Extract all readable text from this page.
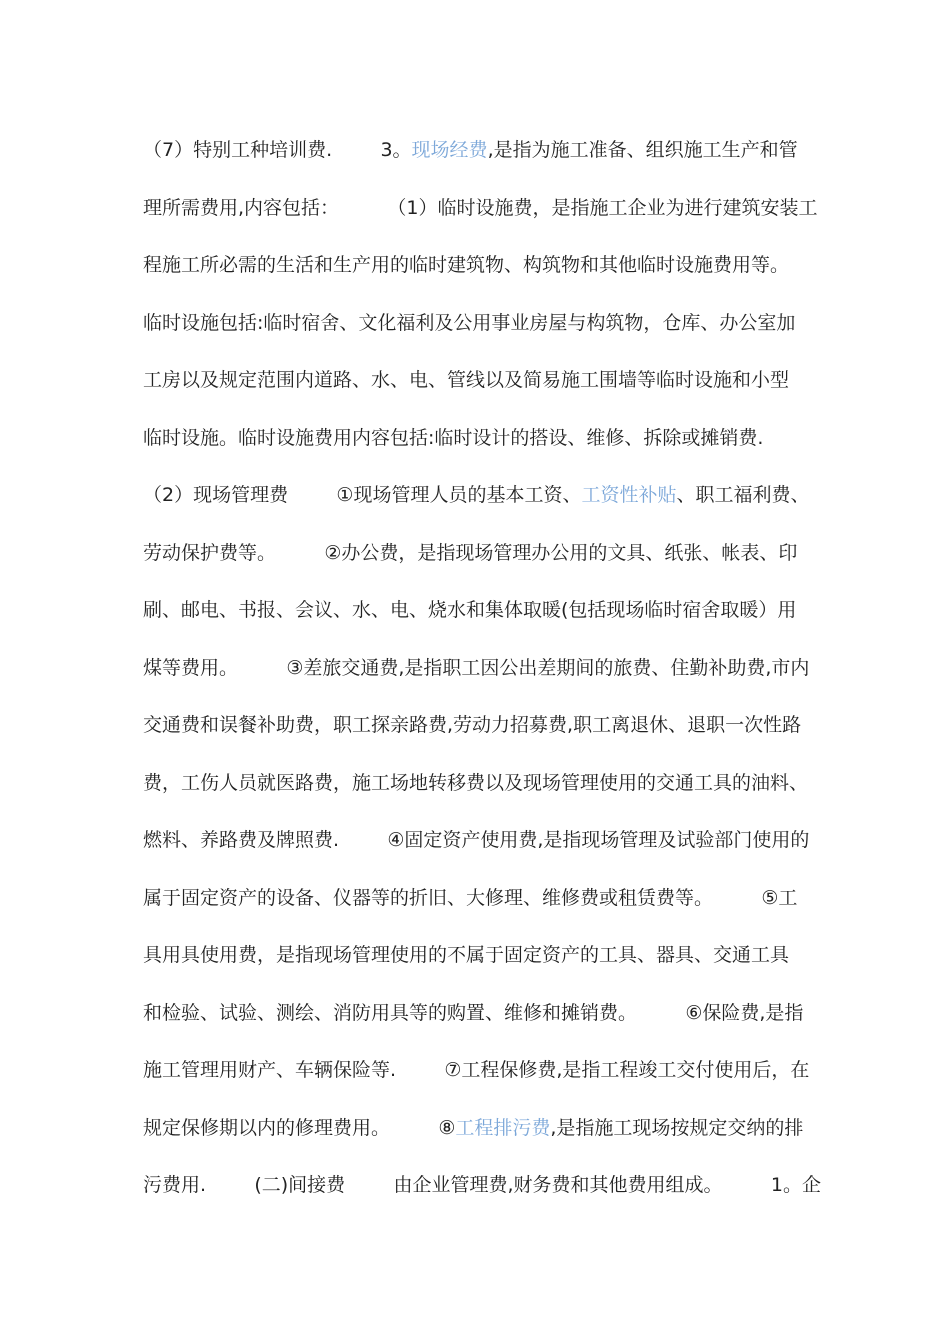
（7）特别工种培训费.        3。现场经费,是指为施工准备、组织施工生产和管
理所需费用,内容包括：        （1）临时设施费，是指施工企业为进行建筑安装工
程施工所必需的生活和生产用的临时建筑物、构筑物和其他临时设施费用等。
临时设施包括:临时宿舍、文化福利及公用事业房屋与构筑物，仓库、办公室加
工房以及规定范围内道路、水、电、管线以及简易施工围墙等临时设施和小型
临时设施。临时设施费用内容包括:临时设计的搭设、维修、拆除或摊销费.
（2）现场管理费        ①现场管理人员的基本工资、工资性补贴、职工福利费、
劳动保护费等。        ②办公费，是指现场管理办公用的文具、纸张、帐表、印
刷、邮电、书报、会议、水、电、烧水和集体取暖(包括现场临时宿舍取暖）用
煤等费用。        ③差旅交通费,是指职工因公出差期间的旅费、住勤补助费,市内
交通费和误餐补助费，职工探亲路费,劳动力招募费,职工离退休、退职一次性路
费，工伤人员就医路费，施工场地转移费以及现场管理使用的交通工具的油料、
燃料、养路费及牌照费.        ④固定资产使用费,是指现场管理及试验部门使用的
属于固定资产的设备、仪器等的折旧、大修理、维修费或租赁费等。        ⑤工
具用具使用费，是指现场管理使用的不属于固定资产的工具、器具、交通工具
和检验、试验、测绘、消防用具等的购置、维修和摊销费。        ⑥保险费,是指
施工管理用财产、车辆保险等.        ⑦工程保修费,是指工程竣工交付使用后，在
规定保修期以内的修理费用。        ⑧工程排污费,是指施工现场按规定交纳的排
污费用.        (二)间接费        由企业管理费,财务费和其他费用组成。        1。企
